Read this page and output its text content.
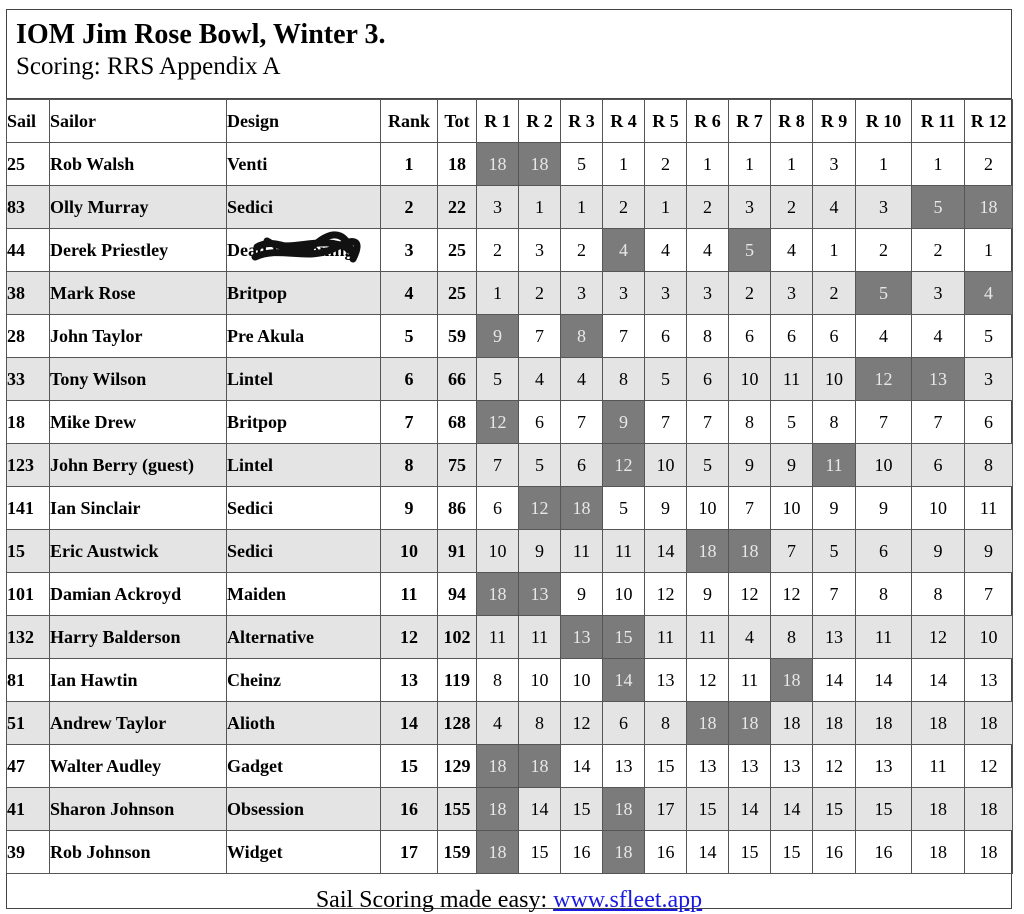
IOM Jim Rose Bowl, Winter 3.
Scoring: RRS Appendix A
Sail	Sailor	Design	Rank	Tot	R 1	R 2	R 3	R 4	R 5	R 6	R 7	R 8	R 9	R 10	R 11	R 12
25	Rob Walsh	Venti	1	18	18	18	5	1	2	1	1	1	3	1	1	2
83	Olly Murray	Sedici	2	22	3	1	1	2	1	2	3	2	4	3	5	18
44	Derek Priestley	Dead Reckoning	3	25	2	3	2	4	4	4	5	4	1	2	2	1
38	Mark Rose	Britpop	4	25	1	2	3	3	3	3	2	3	2	5	3	4
28	John Taylor	Pre Akula	5	59	9	7	8	7	6	8	6	6	6	4	4	5
33	Tony Wilson	Lintel	6	66	5	4	4	8	5	6	10	11	10	12	13	3
18	Mike Drew	Britpop	7	68	12	6	7	9	7	7	8	5	8	7	7	6
123	John Berry (guest)	Lintel	8	75	7	5	6	12	10	5	9	9	11	10	6	8
141	Ian Sinclair	Sedici	9	86	6	12	18	5	9	10	7	10	9	9	10	11
15	Eric Austwick	Sedici	10	91	10	9	11	11	14	18	18	7	5	6	9	9
101	Damian Ackroyd	Maiden	11	94	18	13	9	10	12	9	12	12	7	8	8	7
132	Harry Balderson	Alternative	12	102	11	11	13	15	11	11	4	8	13	11	12	10
81	Ian Hawtin	Cheinz	13	119	8	10	10	14	13	12	11	18	14	14	14	13
51	Andrew Taylor	Alioth	14	128	4	8	12	6	8	18	18	18	18	18	18	18
47	Walter Audley	Gadget	15	129	18	18	14	13	15	13	13	13	12	13	11	12
41	Sharon Johnson	Obsession	16	155	18	14	15	18	17	15	14	14	15	15	18	18
39	Rob Johnson	Widget	17	159	18	15	16	18	16	14	15	15	16	16	18	18
Sail Scoring made easy: www.sfleet.app
